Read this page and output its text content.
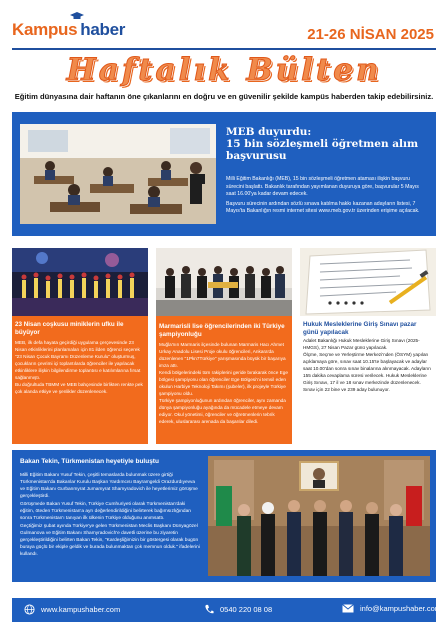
Kampus haber	21-26 NİSAN 2025
Haftalık Bülten
Eğitim dünyasına dair haftanın öne çıkanlarını en doğru ve en güvenilir şekilde kampüs haberden takip edebilirsiniz.
MEB duyurdu:
15 bin sözleşmeli öğretmen alım başvurusu

Milli Eğitim Bakanlığı (MEB), 15 bin sözleşmeli öğretmen ataması ilişkin başvuru sürecini başlattı. Bakanlık tarafından yayımlanan duyuruya göre, başvurular 5 Mayıs saat 16.00'ya kadar devam edecek.

Başvuru sürecinin ardından sözlü sınava katılma hakkı kazanan adayların listesi, 7 Mayıs'ta Bakanlığın resmi internet sitesi www.meb.gov.tr üzerinden erişime açılacak.

23 Nisan coşkusu miniklerin ufku ile büyüyor

MEB, ilk defa hayata geçirdiği uygulama çerçevesinde 23 Nisan etkinliklerini planlamaları için 81 ilden öğrenci seçerek "23 Nisan Çocuk Bayramı Düzenleme Kurulu" oluşturmuş, çocukların çevrimi içi toplantılarda öğrenciler ile yapılacak etkinliklere ilişkin bilgilendirme toplantısı e katılımlarına fırsat sağlanmıştı.

Bu doğrultuda TBMM ve MEB bahçesinde birlikten renkte pek çok alanda etkiye ve şenlikler düzenlenecek.

Marmarisli lise öğrencilerinden iki Türkiye şampiyonluğu

Muğla'nın Marmaris ilçesinde bulunan Marmaris Hacı Ahmet Urkay Anadolu Lisesi Proje okulu öğrencileri, Ankara'da düzenlenen "1Pkn7Türkiye" yarışmasında büyük bir başarıya imza attı.

Kendi bölgelerindeki tüm rakiplerini geride bırakarak önce Ege bölgesi şampiyonu olan öğrenciler Ege Bölgesi'ni temsil eden okulun Harbiye Teknoloji Takımı (şubeler), ilk projeyle Türkiye şampiyonu oldu.

Türkiye şampiyonluğunun ardından öğrenciler, aynı zamanda dünya şampiyonluğu ayağında da mücadele etmeye devam ediyor. Okul yönetimi, öğrenciler ve öğretmenlerin tebrik ederek, uluslararası arenada da başarılar diledi.

Hukuk Mesleklerine Giriş Sınavı pazar günü yapılacak

Adalet Bakanlığı Hukuk Mesleklerine Giriş Sınavı (2025-HMGS), 27 Nisan Pazar günü yapılacak.

Ölçme, Seçme ve Yerleştirme Merkezi'nden (ÖSYM) yapılan açıklamaya göre, sınav saat 10.15'te başlayacak ve adaylar saat 10.00'dan sonra sınav binalarına alınmayacak. Adayların 155 dakika cevaplama süresi verilecek. Hukuk Mesleklerine Giriş Sınavı, 17 il ve 18 sınav merkezinde düzenlenecek. Sınav için 22 bine ve 239 aday bulunuyor.

Bakan Tekin, Türkmenistan heyetiyle buluştu

Milli Eğitim Bakanı Yusuf Tekin, çeşitli temaslarda bulunmak üzere girtiği Türkmenistan'da Bakanlar Kurulu Başkan Yardımcısı Bayramgeldi Orazdurdıyevva ve Eğitim Bakanı Gurbanmyrat Jumamyrat Shamyradovich ile heyetlerimiz görüşme gerçekleştirdi.

Görüşmede Bakan Yusuf Tekin, Türkiye Cumhuriyeti olarak Türkmenistan'daki eğitim, öteden Türkmenistan'a ayrı değerlendirildiğini belirterek bağımsızlığından sonra Türkmenistan'ı tanıyan ilk ülkenin Türkiye olduğunu anımsattı.

Geçtiğimiz şubat ayında Türkiye'ye gelen Türkmenistan Meclis Başkanı Dünyagözel Gulmanova ve Eğitim Bakanı Shamyradovich'e davetli üzerine bu ziyaretin gerçekleştirildiğini belirten Bakan Tekin, "Kardeşliğimizin bir göstergesi olarak bugün buraya güçlü bir ekiple geldik ve burada bulunmaktan çok memnun olduk." ifadelerini kullandı.

www.kampushaber.com	0540 220 08 08	info@kampushaber.com
